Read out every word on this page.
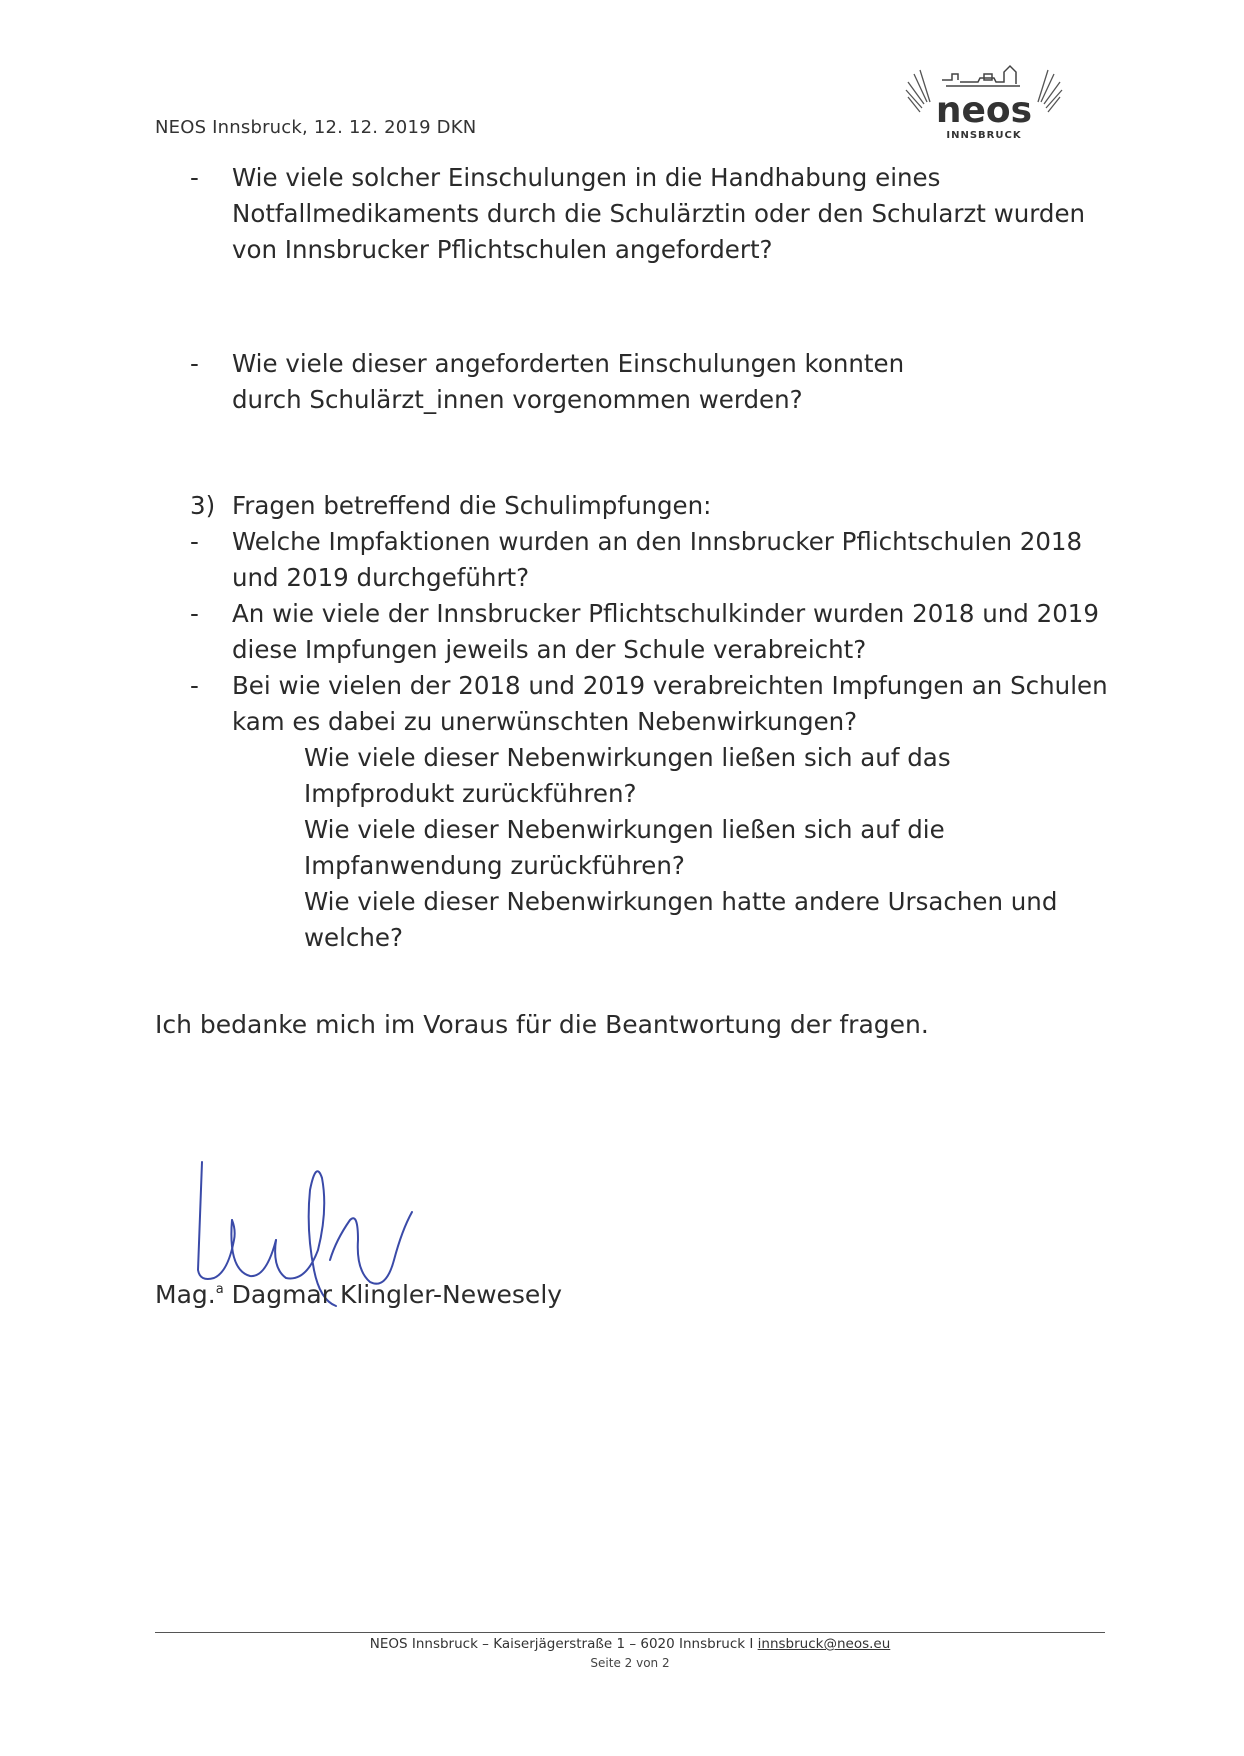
NEOS Innsbruck, 12. 12. 2019 DKN	neos
INNSBRUCK
-	Wie viele solcher Einschulungen in die Handhabung eines Notfallmedikaments durch die Schulärztin oder den Schularzt wurden von Innsbrucker Pflichtschulen angefordert?
-	Wie viele dieser angeforderten Einschulungen konnten durch Schulärzt_innen vorgenommen werden?
3) Fragen betreffend die Schulimpfungen:
-	Welche Impfaktionen wurden an den Innsbrucker Pflichtschulen 2018 und 2019 durchgeführt?
-	An wie viele der Innsbrucker Pflichtschulkinder wurden 2018 und 2019 diese Impfungen jeweils an der Schule verabreicht?
-	Bei wie vielen der 2018 und 2019 verabreichten Impfungen an Schulen kam es dabei zu unerwünschten Nebenwirkungen?
Wie viele dieser Nebenwirkungen ließen sich auf das Impfprodukt zurückführen?
Wie viele dieser Nebenwirkungen ließen sich auf die Impfanwendung zurückführen?
Wie viele dieser Nebenwirkungen hatte andere Ursachen und welche?
Ich bedanke mich im Voraus für die Beantwortung der fragen.
Mag.$^a$ Dagmar Klingler-Newesely
NEOS Innsbruck – Kaiserjägerstraße 1 – 6020 Innsbruck I innsbruck@neos.eu
Seite 2 von 2
